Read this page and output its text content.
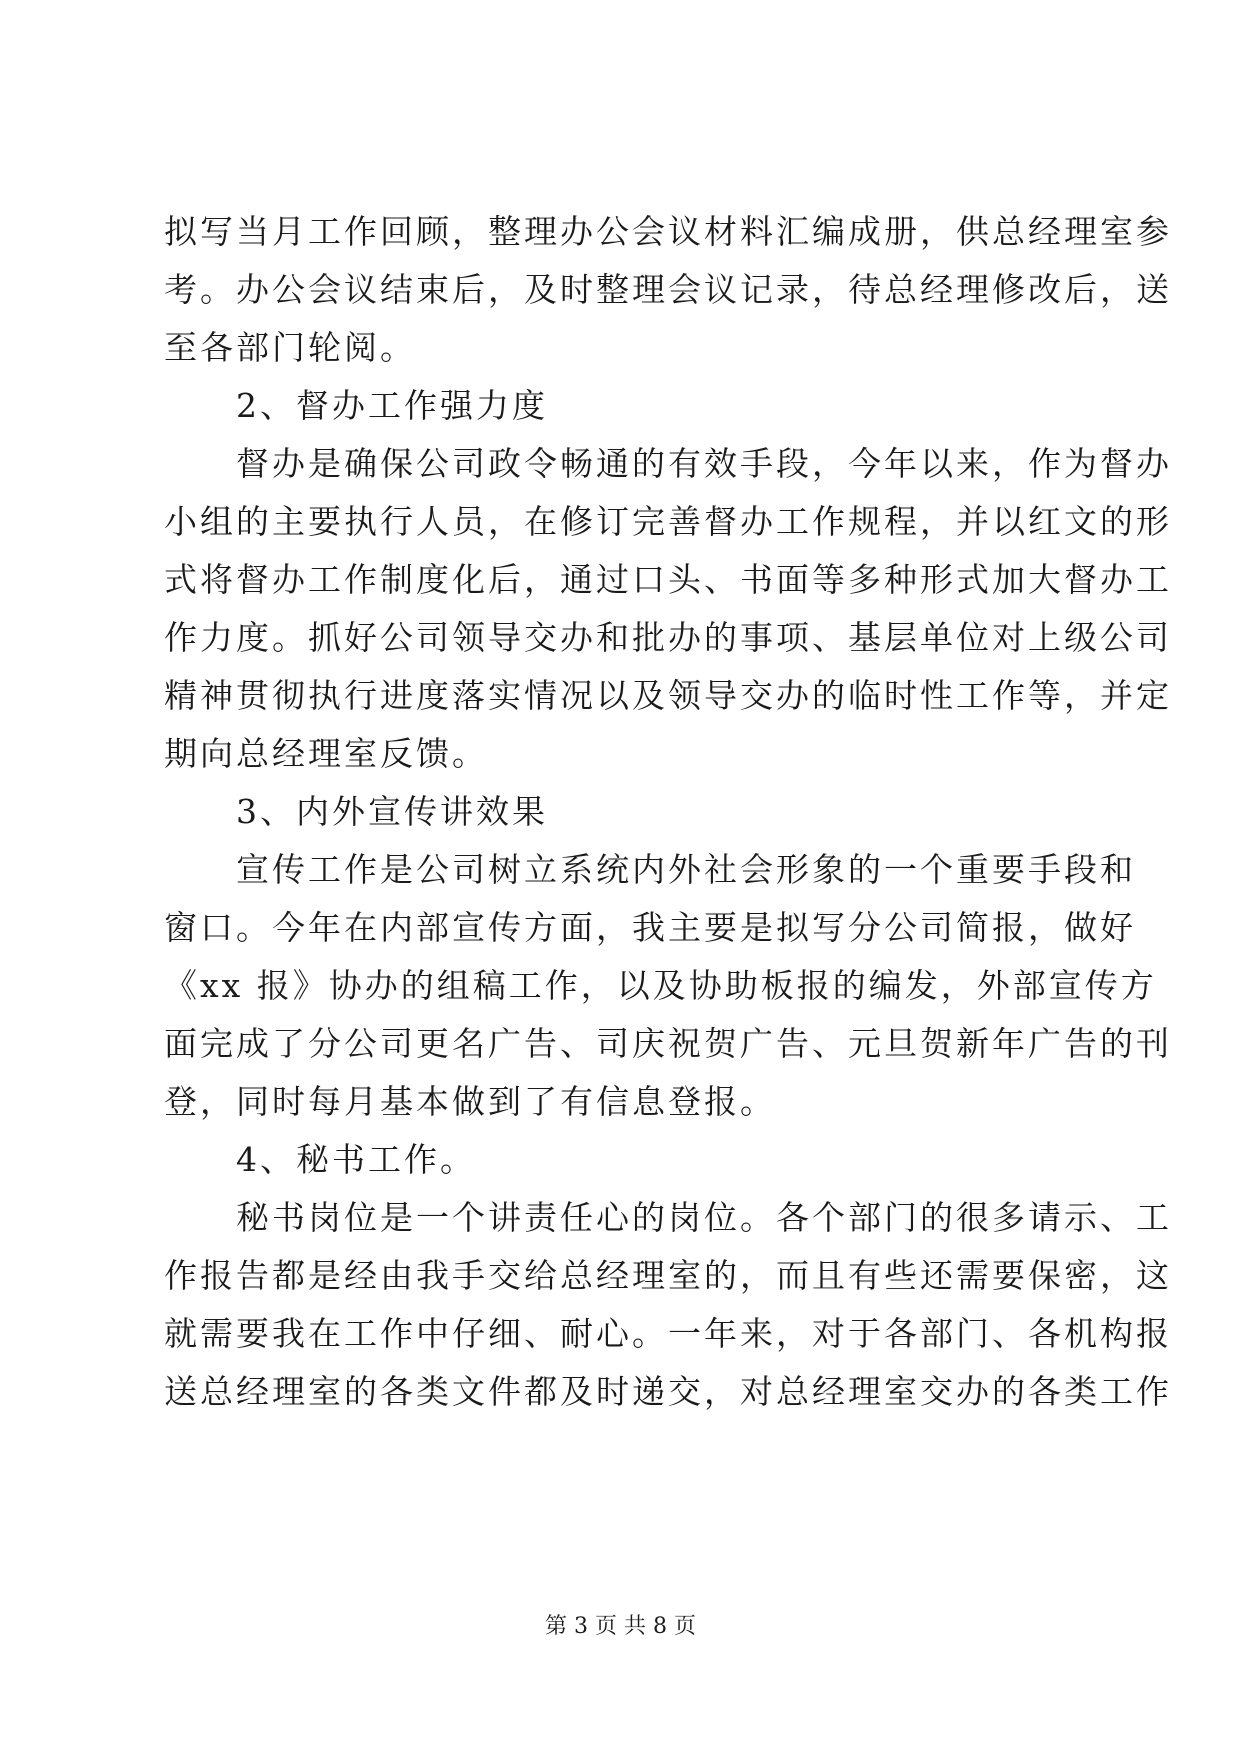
拟写当月工作回顾，整理办公会议材料汇编成册，供总经理室参
考。办公会议结束后，及时整理会议记录，待总经理修改后，送
至各部门轮阅。
　　2、督办工作强力度
　　督办是确保公司政令畅通的有效手段，今年以来，作为督办
小组的主要执行人员，在修订完善督办工作规程，并以红文的形
式将督办工作制度化后，通过口头、书面等多种形式加大督办工
作力度。抓好公司领导交办和批办的事项、基层单位对上级公司
精神贯彻执行进度落实情况以及领导交办的临时性工作等，并定
期向总经理室反馈。
　　3、内外宣传讲效果
　　宣传工作是公司树立系统内外社会形象的一个重要手段和
窗口。今年在内部宣传方面，我主要是拟写分公司简报，做好
《xx 报》协办的组稿工作，以及协助板报的编发，外部宣传方
面完成了分公司更名广告、司庆祝贺广告、元旦贺新年广告的刊
登，同时每月基本做到了有信息登报。
　　4、秘书工作。
　　秘书岗位是一个讲责任心的岗位。各个部门的很多请示、工
作报告都是经由我手交给总经理室的，而且有些还需要保密，这
就需要我在工作中仔细、耐心。一年来，对于各部门、各机构报
送总经理室的各类文件都及时递交，对总经理室交办的各类工作
第 3 页 共 8 页
